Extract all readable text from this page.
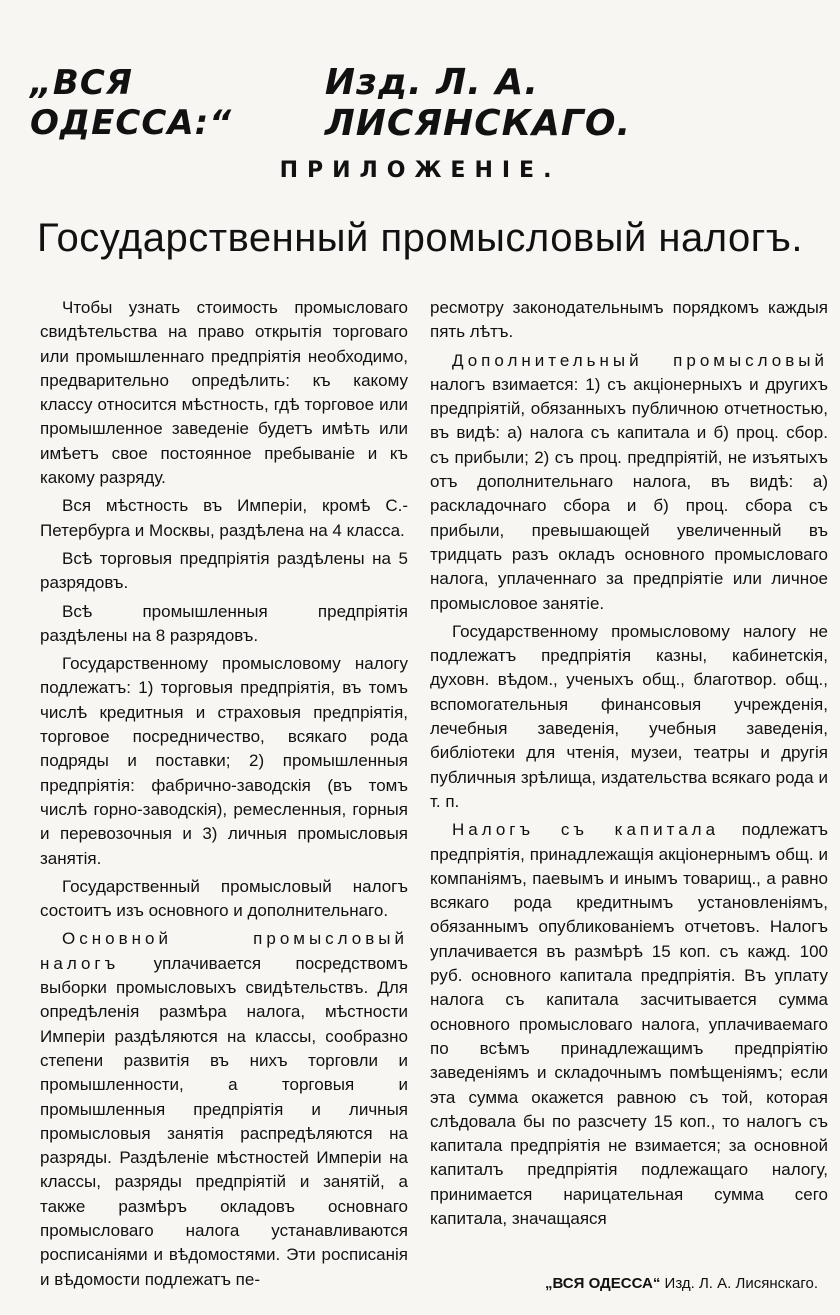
„ВСЯ ОДЕССА:“
Изд. Л. А. ЛИСЯНСКАГО.
ПРИЛОЖЕНІЕ.
Государственный промысловый налогъ.

Чтобы узнать стоимость промысловаго свидѣтельства на право открытія торговаго или промышленнаго предпріятія необходимо, предварительно опредѣлить: къ какому классу относится мѣстность, гдѣ торговое или промышленное заведеніе будетъ имѣть или имѣетъ свое постоянное пребываніе и къ какому разряду.

Вся мѣстность въ Имперіи, кромѣ С.-Петербурга и Москвы, раздѣлена на 4 класса.

Всѣ торговыя предпріятія раздѣлены на 5 разрядовъ.

Всѣ промышленныя предпріятія раздѣлены на 8 разрядовъ.

Государственному промысловому налогу подлежатъ: 1) торговыя предпріятія, въ томъ числѣ кредитныя и страховыя предпріятія, торговое посредничество, всякаго рода подряды и поставки; 2) промышленныя предпріятія: фабрично-заводскія (въ томъ числѣ горно-заводскія), ремесленныя, горныя и перевозочныя и 3) личныя промысловыя занятія.

Государственный промысловый налогъ состоитъ изъ основного и дополнительнаго.

Основной промысловый налогъ уплачивается посредствомъ выборки промысловыхъ свидѣтельствъ. Для опредѣленія размѣра налога, мѣстности Имперіи раздѣляются на классы, сообразно степени развитія въ нихъ торговли и промышленности, а торговыя и промышленныя предпріятія и личныя промысловыя занятія распредѣляются на разряды. Раздѣленіе мѣстностей Имперіи на классы, разряды предпріятій и занятій, а также размѣръ окладовъ основнаго промысловаго налога устанавливаются росписаніями и вѣдомостями. Эти росписанія и вѣдомости подлежатъ пе-

ресмотру законодательнымъ порядкомъ каждыя пять лѣтъ.

Дополнительный промысловый налогъ взимается: 1) съ акціонерныхъ и другихъ предпріятій, обязанныхъ публичною отчетностью, въ видѣ: а) налога съ капитала и б) проц. сбор. съ прибыли; 2) съ проц. предпріятій, не изъятыхъ отъ дополнительнаго налога, въ видѣ: а) раскладочнаго сбора и б) проц. сбора съ прибыли, превышающей увеличенный въ тридцать разъ окладъ основного промысловаго налога, уплаченнаго за предпріятіе или личное промысловое занятіе.

Государственному промысловому налогу не подлежатъ предпріятія казны, кабинетскія, духовн. вѣдом., ученыхъ общ., благотвор. общ., вспомогательныя финансовыя учрежденія, лечебныя заведенія, учебныя заведенія, библіотеки для чтенія, музеи, театры и другія публичныя зрѣлища, издательства всякаго рода и т. п.

Налогъ съ капитала подлежатъ предпріятія, принадлежащія акціонернымъ общ. и компаніямъ, паевымъ и инымъ товарищ., а равно всякаго рода кредитнымъ установленіямъ, обязаннымъ опубликованіемъ отчетовъ. Налогъ уплачивается въ размѣрѣ 15 коп. съ кажд. 100 руб. основного капитала предпріятія. Въ уплату налога съ капитала засчитывается сумма основного промысловаго налога, уплачиваемаго по всѣмъ принадлежащимъ предпріятію заведеніямъ и складочнымъ помѣщеніямъ; если эта сумма окажется равною съ той, которая слѣдовала бы по разсчету 15 коп., то налогъ съ капитала предпріятія не взимается; за основной капиталъ предпріятія подлежащаго налогу, принимается нарицательная сумма сего капитала, значащаяся

„ВСЯ ОДЕССА“ Изд. Л. А. Лисянскаго.
